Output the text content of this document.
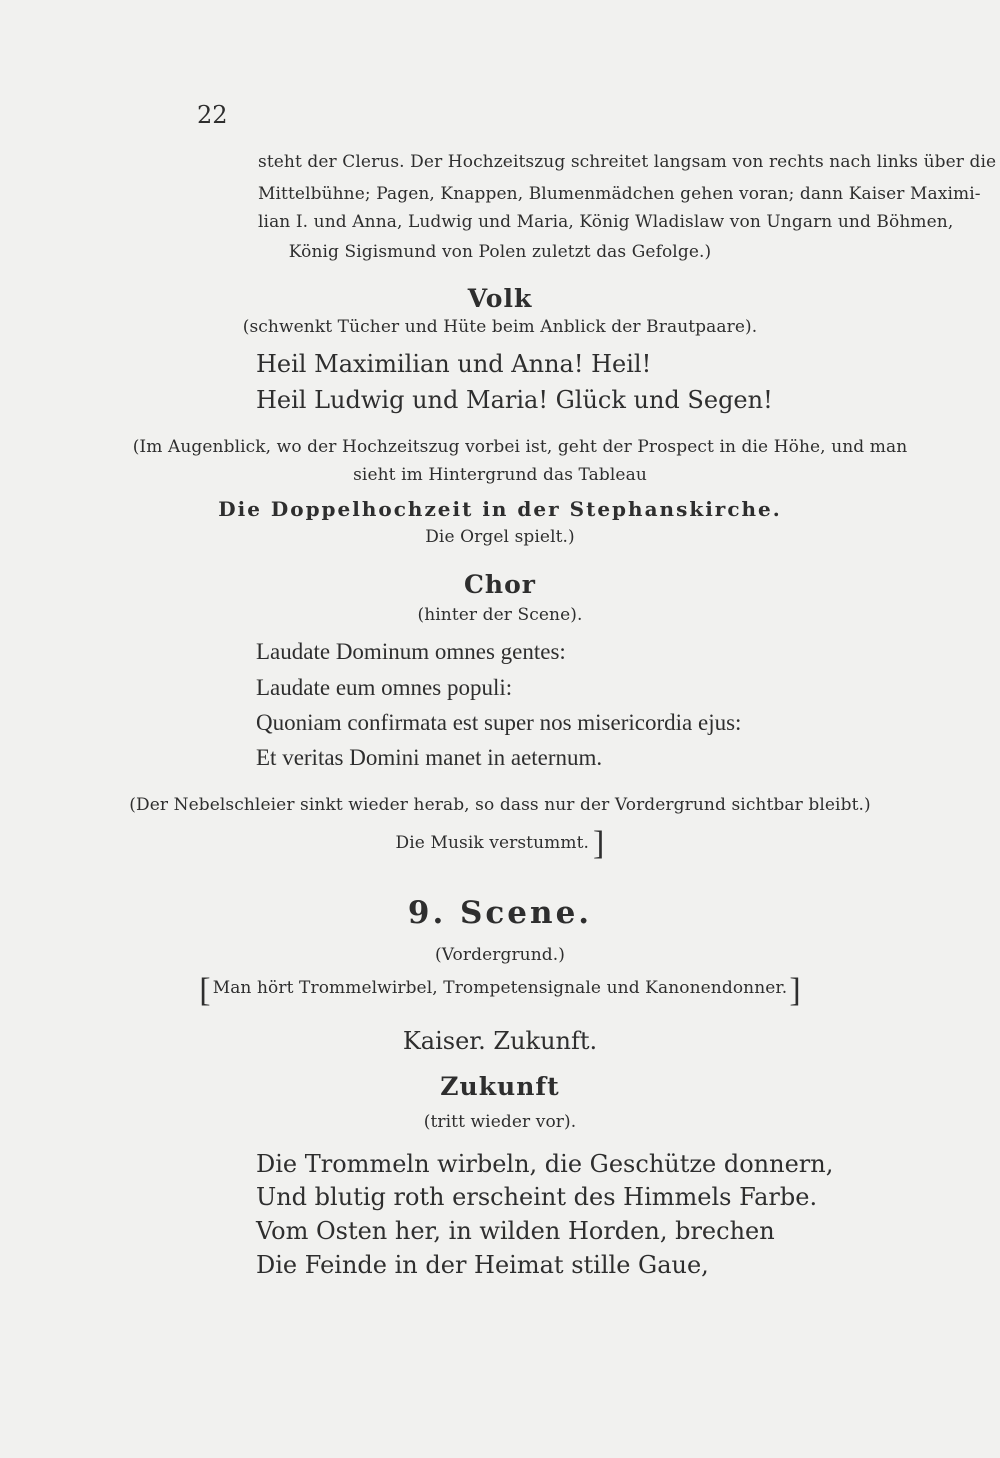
22

steht der Clerus. Der Hochzeitszug schreitet langsam von rechts nach links über die

Mittelbühne; Pagen, Knappen, Blumenmädchen gehen voran; dann Kaiser Maximi-

lian I. und Anna, Ludwig und Maria, König Wladislaw von Ungarn und Böhmen,

König Sigismund von Polen zuletzt das Gefolge.)

Volk

(schwenkt Tücher und Hüte beim Anblick der Brautpaare).

Heil Maximilian und Anna! Heil!

Heil Ludwig und Maria! Glück und Segen!

(Im Augenblick, wo der Hochzeitszug vorbei ist, geht der Prospect in die Höhe, und man

sieht im Hintergrund das Tableau

Die Doppelhochzeit in der Stephanskirche.

Die Orgel spielt.)

Chor

(hinter der Scene).

Laudate Dominum omnes gentes:

Laudate eum omnes populi:

Quoniam confirmata est super nos misericordia ejus:

Et veritas Domini manet in aeternum.

(Der Nebelschleier sinkt wieder herab, so dass nur der Vordergrund sichtbar bleibt.)

Die Musik verstummt. ]

9. Scene.

(Vordergrund.)

[ Man hört Trommelwirbel, Trompetensignale und Kanonendonner.]

Kaiser. Zukunft.

Zukunft

(tritt wieder vor).

Die Trommeln wirbeln, die Geschütze donnern,

Und blutig roth erscheint des Himmels Farbe.

Vom Osten her, in wilden Horden, brechen

Die Feinde in der Heimat stille Gaue,
